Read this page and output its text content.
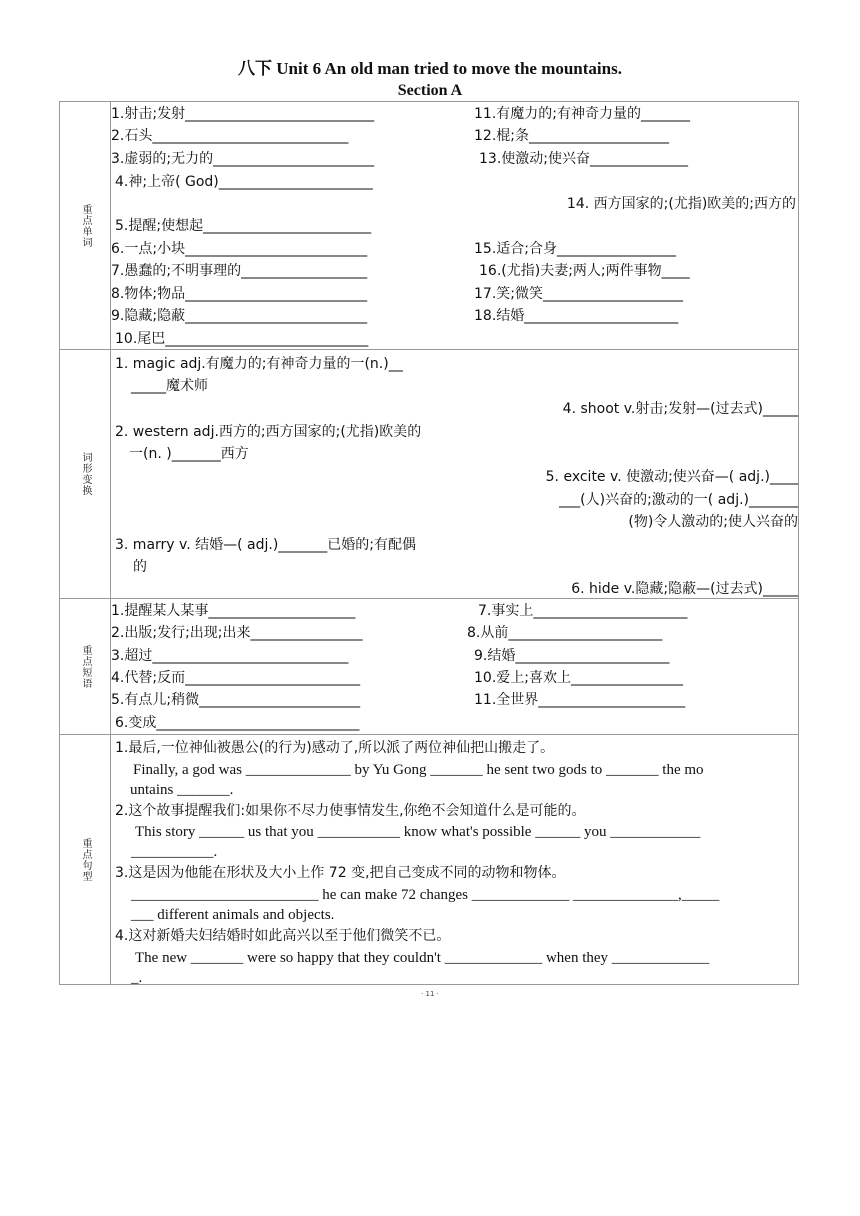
八下 Unit 6 An old man tried to move the mountains.
Section A
重点单词
1.射击;发射___________________________
2.石头____________________________
3.虚弱的;无力的_______________________
4.神;上帝( God)______________________
5.提醒;使想起________________________
6.一点;小块__________________________
7.愚蠢的;不明事理的__________________
8.物体;物品__________________________
9.隐藏;隐蔽__________________________
10.尾巴_____________________________
11.有魔力的;有神奇力量的_______
12.棍;条____________________
13.使激动;使兴奋______________
14. 西方国家的;(尤指)欧美的;西方的
15.适合;合身_________________
16.(尤指)夫妻;两人;两件事物____
17.笑;微笑____________________
18.结婚______________________
词形变换
1. magic adj.有魔力的;有神奇力量的一(n.)__
_____魔术师
4. shoot v.射击;发射—(过去式)_____
2. western adj.西方的;西方国家的;(尤指)欧美的
一(n. )_______西方
5. excite v. 使激动;使兴奋—( adj.)____
___(人)兴奋的;激动的一( adj.)_______
(物)令人激动的;使人兴奋的
3. marry v. 结婚—( adj.)_______已婚的;有配偶
的
6. hide v.隐藏;隐蔽—(过去式)_____
重点短语
1.提醒某人某事_____________________
2.出版;发行;出现;出来________________
3.超过____________________________
4.代替;反而_________________________
5.有点儿;稍微_______________________
6.变成_____________________________
7.事实上______________________
8.从前______________________
9.结婚______________________
10.爱上;喜欢上________________
11.全世界_____________________
重点句型
1.最后,一位神仙被愚公(的行为)感动了,所以派了两位神仙把山搬走了。
Finally, a god was ______________ by Yu Gong _______ he sent two gods to _______ the mo
untains _______.
2.这个故事提醒我们:如果你不尽力使事情发生,你绝不会知道什么是可能的。
This story ______ us that you ___________ know what's possible ______ you ____________
___________.
3.这是因为他能在形状及大小上作 72 变,把自己变成不同的动物和物体。
_________________________ he can make 72 changes _____________ ______________,_____
___ different animals and objects.
4.这对新婚夫妇结婚时如此高兴以至于他们微笑不已。
The new _______ were so happy that they couldn't _____________ when they _____________
_.
· 11 ·
